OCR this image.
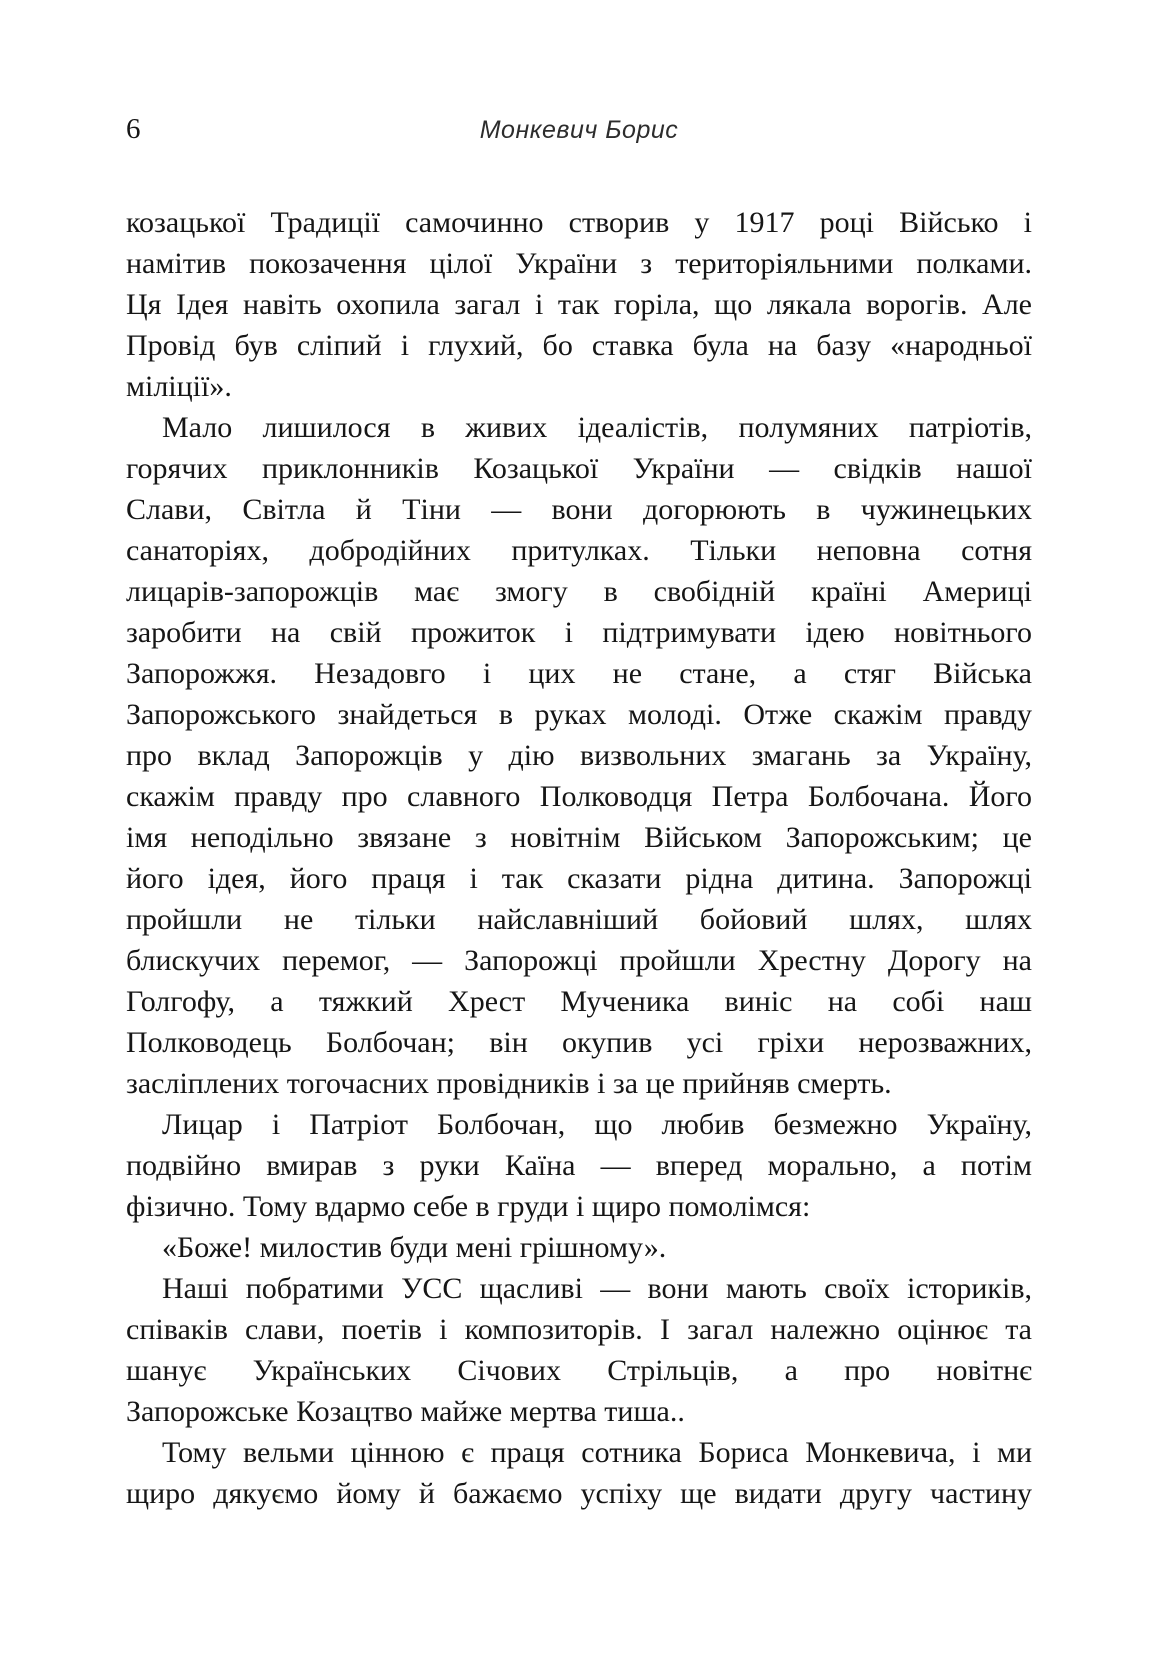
6	Монкевич Борис
козацької Традиції самочинно створив у 1917 році Військо і
намітив покозачення цілої України з територіяльними полками.
Ця Ідея навіть охопила загал і так горіла, що лякала ворогів. Але
Провід був сліпий і глухий, бо ставка була на базу «народньої
міліції».
Мало лишилося в живих ідеалістів, полумяних патріотів,
горячих приклонників Козацької України — свідків нашої
Слави, Світла й Тіни — вони догорюють в чужинецьких
санаторіях, добродійних притулках. Тільки неповна сотня
лицарів-запорожців має змогу в свобідній країні Америці
заробити на свій прожиток і підтримувати ідею новітнього
Запорожжя. Незадовго і цих не стане, а стяг Війська
Запорожського знайдеться в руках молоді. Отже скажім правду
про вклад Запорожців у дію визвольних змагань за Україну,
скажім правду про славного Полководця Петра Болбочана. Його
імя неподільно звязане з новітнім Військом Запорожським; це
його ідея, його праця і так сказати рідна дитина. Запорожці
пройшли не тільки найславніший бойовий шлях, шлях
блискучих перемог, — Запорожці пройшли Хрестну Дорогу на
Голгофу, а тяжкий Хрест Мученика виніс на собі наш
Полководець Болбочан; він окупив усі гріхи нерозважних,
засліплених тогочасних провідників і за це прийняв смерть.
Лицар і Патріот Болбочан, що любив безмежно Україну,
подвійно вмирав з руки Каїна — вперед морально, а потім
фізично. Тому вдармо себе в груди і щиро помолімся:
«Боже! милостив буди мені грішному».
Наші побратими УСС щасливі — вони мають своїх істориків,
співаків слави, поетів і композиторів. І загал належно оцінює та
шанує Українських Січових Стрільців, а про новітнє
Запорожське Козацтво майже мертва тиша..
Тому вельми цінною є праця сотника Бориса Монкевича, і ми
щиро дякуємо йому й бажаємо успіху ще видати другу частину
